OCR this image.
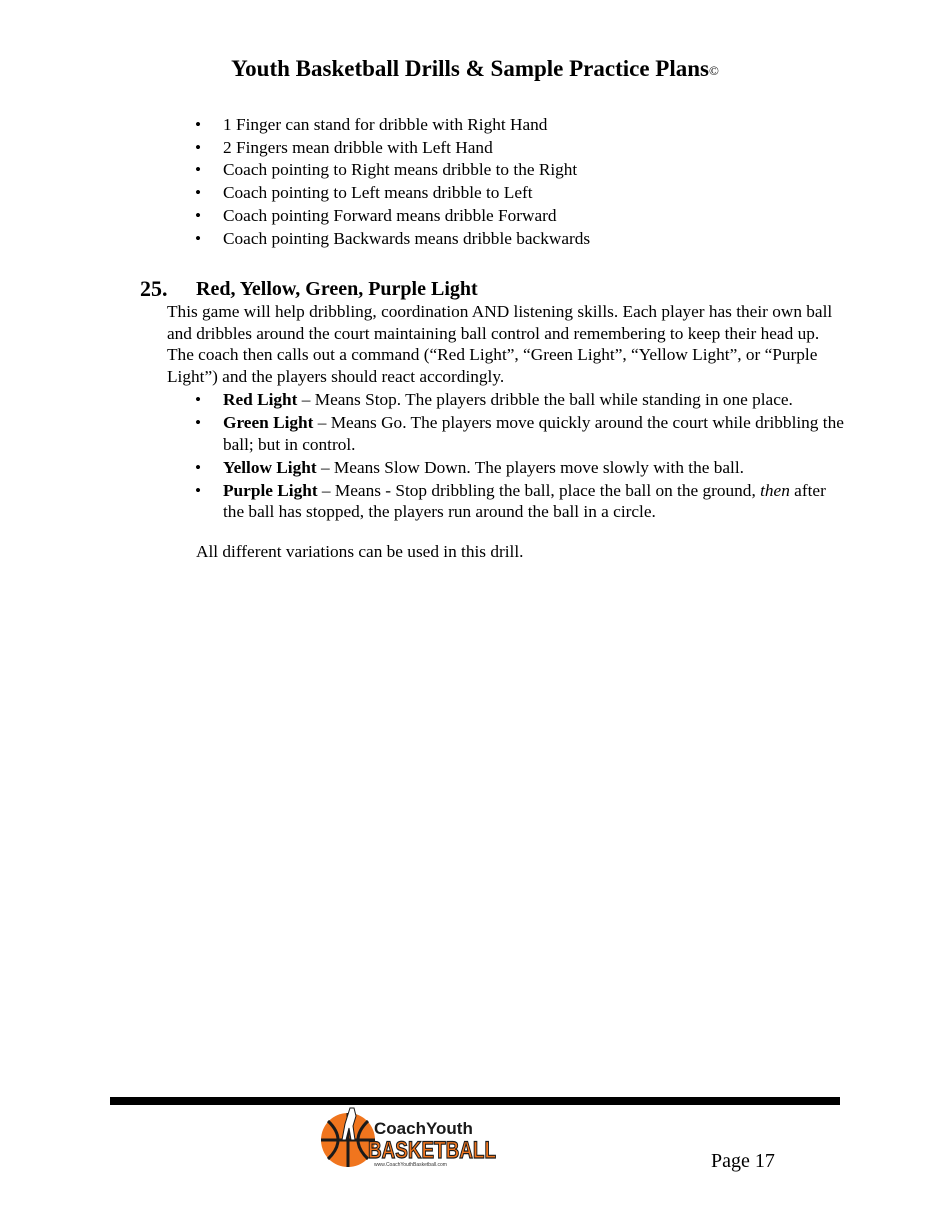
Youth Basketball Drills & Sample Practice Plans©
• 1 Finger can stand for dribble with Right Hand
• 2 Fingers mean dribble with Left Hand
• Coach pointing to Right means dribble to the Right
• Coach pointing to Left means dribble to Left
• Coach pointing Forward means dribble Forward
• Coach pointing Backwards means dribble backwards
25. Red, Yellow, Green, Purple Light

This game will help dribbling, coordination AND listening skills. Each player has their own ball and dribbles around the court maintaining ball control and remembering to keep their head up. The coach then calls out a command (“Red Light”, “Green Light”, “Yellow Light”, or “Purple Light”) and the players should react accordingly.

• Red Light – Means Stop. The players dribble the ball while standing in one place.
• Green Light – Means Go. The players move quickly around the court while dribbling the ball; but in control.
• Yellow Light – Means Slow Down. The players move slowly with the ball.
• Purple Light – Means - Stop dribbling the ball, place the ball on the ground, then after the ball has stopped, the players run around the ball in a circle.
All different variations can be used in this drill.
CoachYouth
BASKETBALL
www.CoachYouthBasketball.com	Page 17
